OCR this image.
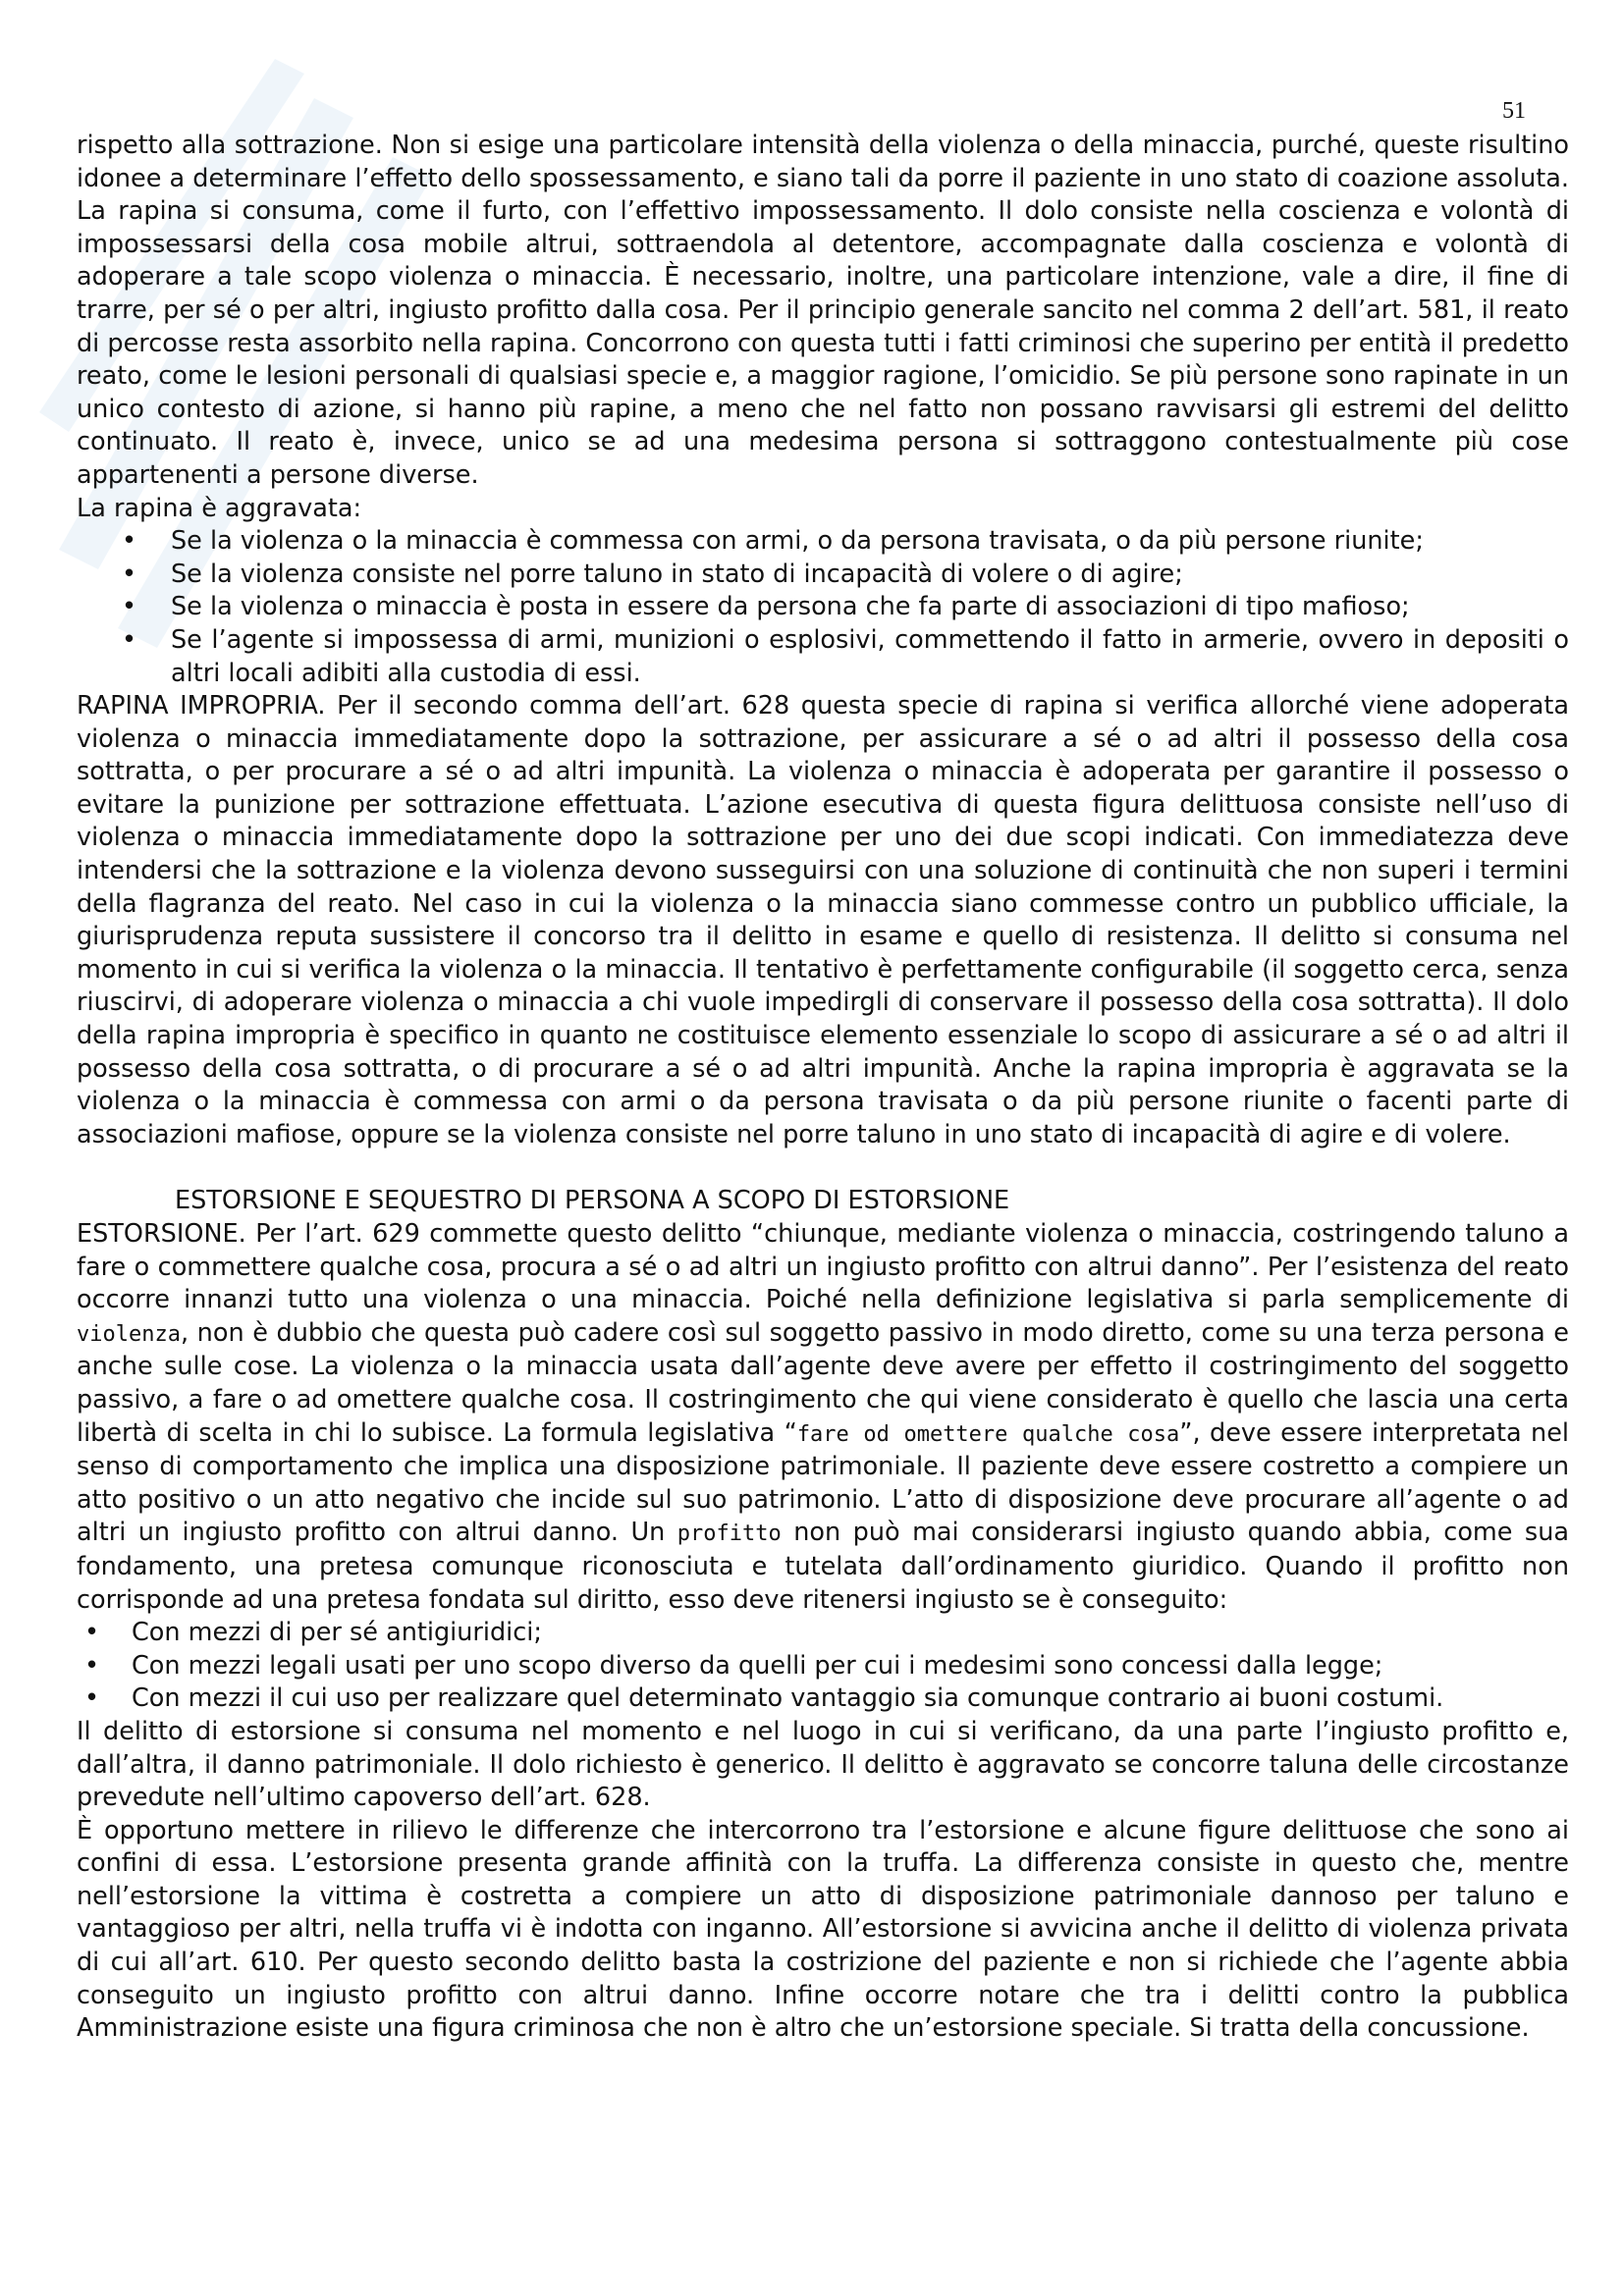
51

rispetto alla sottrazione. Non si esige una particolare intensità della violenza o della minaccia, purché, queste risultino idonee a determinare l’effetto dello spossessamento, e siano tali da porre il paziente in uno stato di coazione assoluta. La rapina si consuma, come il furto, con l’effettivo impossessamento. Il dolo consiste nella coscienza e volontà di impossessarsi della cosa mobile altrui, sottraendola al detentore, accompagnate dalla coscienza e volontà di adoperare a tale scopo violenza o minaccia. È necessario, inoltre, una particolare intenzione, vale a dire, il fine di trarre, per sé o per altri, ingiusto profitto dalla cosa. Per il principio generale sancito nel comma 2 dell’art. 581, il reato di percosse resta assorbito nella rapina. Concorrono con questa tutti i fatti criminosi che superino per entità il predetto reato, come le lesioni personali di qualsiasi specie e, a maggior ragione, l’omicidio. Se più persone sono rapinate in un unico contesto di azione, si hanno più rapine, a meno che nel fatto non possano ravvisarsi gli estremi del delitto continuato. Il reato è, invece, unico se ad una medesima persona si sottraggono contestualmente più cose appartenenti a persone diverse.

La rapina è aggravata:

• Se la violenza o la minaccia è commessa con armi, o da persona travisata, o da più persone riunite;
• Se la violenza consiste nel porre taluno in stato di incapacità di volere o di agire;
• Se la violenza o minaccia è posta in essere da persona che fa parte di associazioni di tipo mafioso;
• Se l’agente si impossessa di armi, munizioni o esplosivi, commettendo il fatto in armerie, ovvero in depositi o altri locali adibiti alla custodia di essi.

RAPINA IMPROPRIA. Per il secondo comma dell’art. 628 questa specie di rapina si verifica allorché viene adoperata violenza o minaccia immediatamente dopo la sottrazione, per assicurare a sé o ad altri il possesso della cosa sottratta, o per procurare a sé o ad altri impunità. La violenza o minaccia è adoperata per garantire il possesso o evitare la punizione per sottrazione effettuata. L’azione esecutiva di questa figura delittuosa consiste nell’uso di violenza o minaccia immediatamente dopo la sottrazione per uno dei due scopi indicati. Con immediatezza deve intendersi che la sottrazione e la violenza devono susseguirsi con una soluzione di continuità che non superi i termini della flagranza del reato. Nel caso in cui la violenza o la minaccia siano commesse contro un pubblico ufficiale, la giurisprudenza reputa sussistere il concorso tra il delitto in esame e quello di resistenza. Il delitto si consuma nel momento in cui si verifica la violenza o la minaccia. Il tentativo è perfettamente configurabile (il soggetto cerca, senza riuscirvi, di adoperare violenza o minaccia a chi vuole impedirgli di conservare il possesso della cosa sottratta). Il dolo della rapina impropria è specifico in quanto ne costituisce elemento essenziale lo scopo di assicurare a sé o ad altri il possesso della cosa sottratta, o di procurare a sé o ad altri impunità. Anche la rapina impropria è aggravata se la violenza o la minaccia è commessa con armi o da persona travisata o da più persone riunite o facenti parte di associazioni mafiose, oppure se la violenza consiste nel porre taluno in uno stato di incapacità di agire e di volere.

ESTORSIONE E SEQUESTRO DI PERSONA A SCOPO DI ESTORSIONE

ESTORSIONE. Per l’art. 629 commette questo delitto “chiunque, mediante violenza o minaccia, costringendo taluno a fare o commettere qualche cosa, procura a sé o ad altri un ingiusto profitto con altrui danno”. Per l’esistenza del reato occorre innanzi tutto una violenza o una minaccia. Poiché nella definizione legislativa si parla semplicemente di violenza, non è dubbio che questa può cadere così sul soggetto passivo in modo diretto, come su una terza persona e anche sulle cose. La violenza o la minaccia usata dall’agente deve avere per effetto il costringimento del soggetto passivo, a fare o ad omettere qualche cosa. Il costringimento che qui viene considerato è quello che lascia una certa libertà di scelta in chi lo subisce. La formula legislativa “fare od omettere qualche cosa”, deve essere interpretata nel senso di comportamento che implica una disposizione patrimoniale. Il paziente deve essere costretto a compiere un atto positivo o un atto negativo che incide sul suo patrimonio. L’atto di disposizione deve procurare all’agente o ad altri un ingiusto profitto con altrui danno. Un profitto non può mai considerarsi ingiusto quando abbia, come sua fondamento, una pretesa comunque riconosciuta e tutelata dall’ordinamento giuridico. Quando il profitto non corrisponde ad una pretesa fondata sul diritto, esso deve ritenersi ingiusto se è conseguito:

• Con mezzi di per sé antigiuridici;
• Con mezzi legali usati per uno scopo diverso da quelli per cui i medesimi sono concessi dalla legge;
• Con mezzi il cui uso per realizzare quel determinato vantaggio sia comunque contrario ai buoni costumi.

Il delitto di estorsione si consuma nel momento e nel luogo in cui si verificano, da una parte l’ingiusto profitto e, dall’altra, il danno patrimoniale. Il dolo richiesto è generico. Il delitto è aggravato se concorre taluna delle circostanze prevedute nell’ultimo capoverso dell’art. 628.

È opportuno mettere in rilievo le differenze che intercorrono tra l’estorsione e alcune figure delittuose che sono ai confini di essa. L’estorsione presenta grande affinità con la truffa. La differenza consiste in questo che, mentre nell’estorsione la vittima è costretta a compiere un atto di disposizione patrimoniale dannoso per taluno e vantaggioso per altri, nella truffa vi è indotta con inganno. All’estorsione si avvicina anche il delitto di violenza privata di cui all’art. 610. Per questo secondo delitto basta la costrizione del paziente e non si richiede che l’agente abbia conseguito un ingiusto profitto con altrui danno. Infine occorre notare che tra i delitti contro la pubblica Amministrazione esiste una figura criminosa che non è altro che un’estorsione speciale. Si tratta della concussione.
